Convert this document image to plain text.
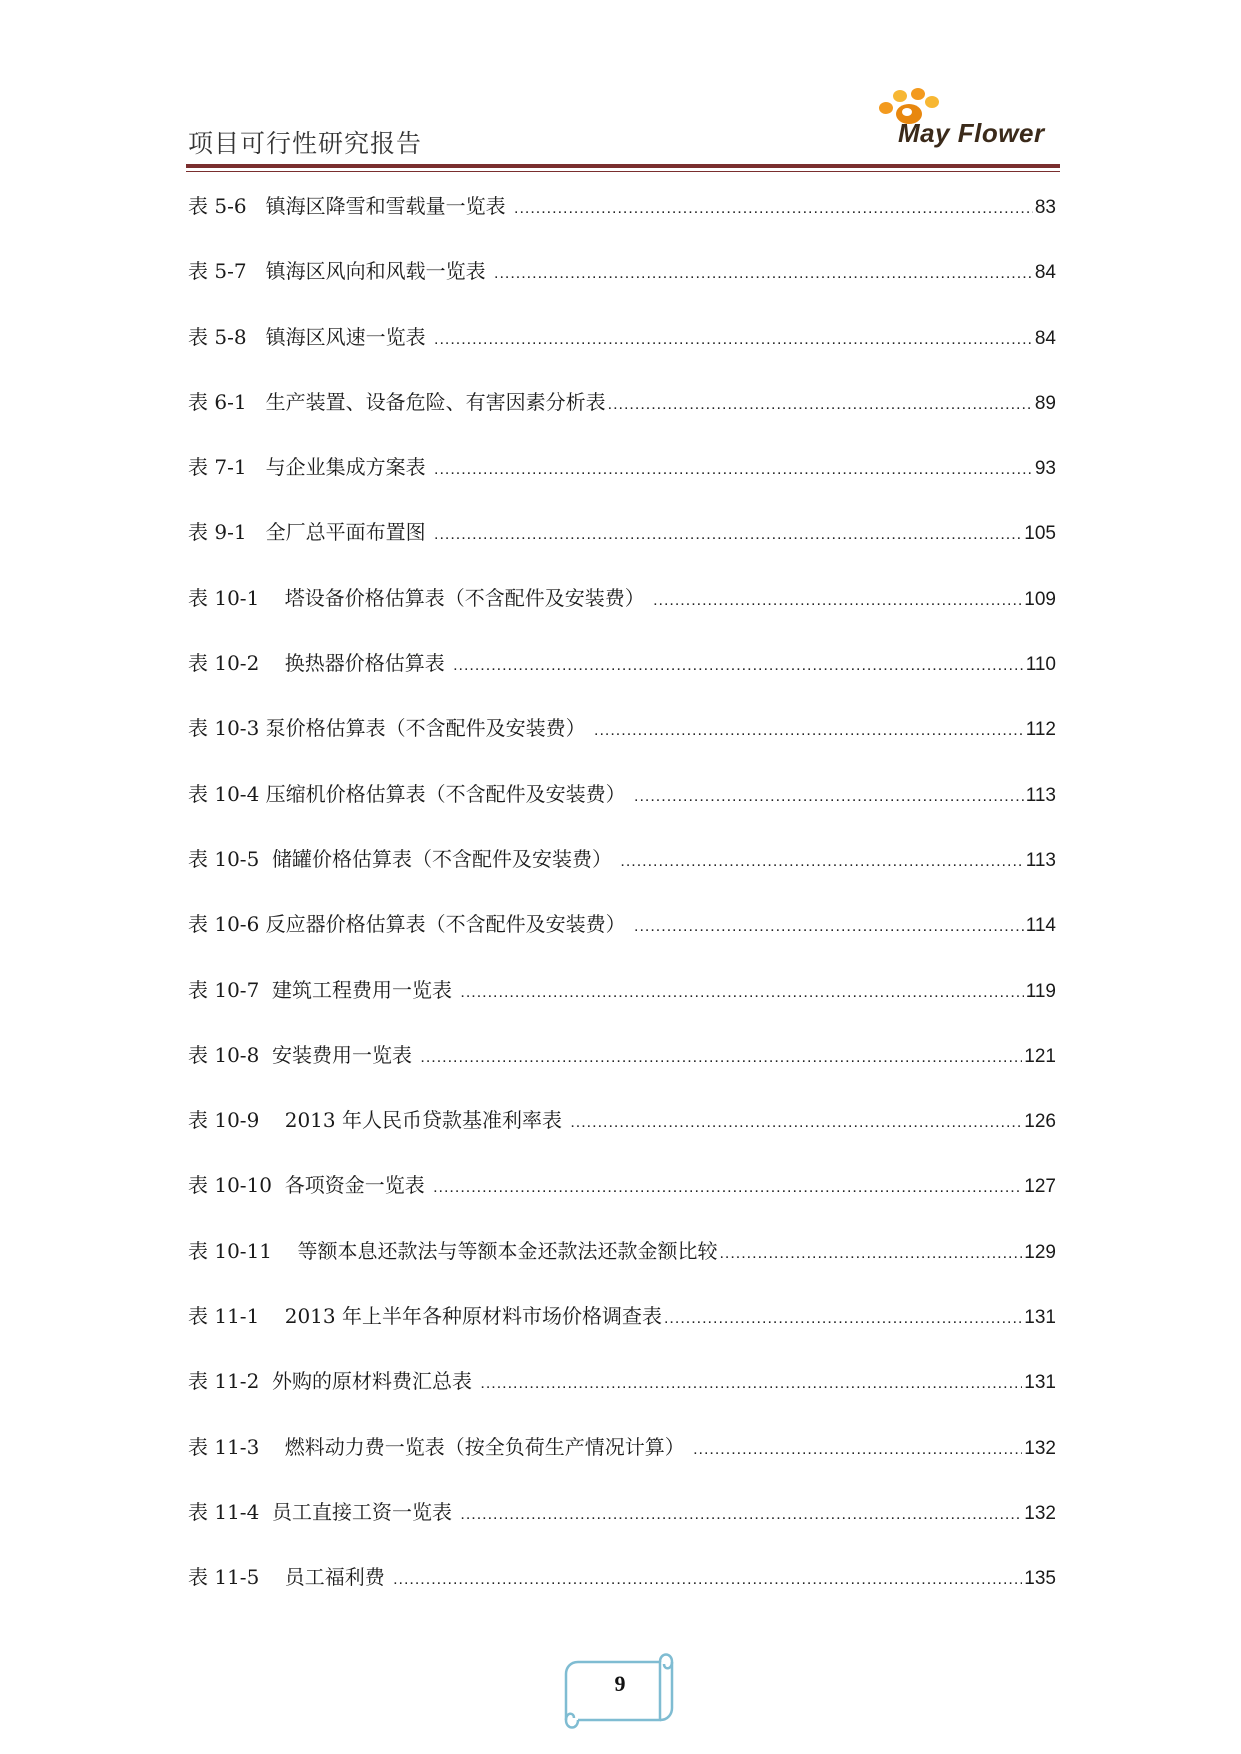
项目可行性研究报告	May Flower
表 5-6   镇海区降雪和雪载量一览表 .....	83
表 5-7   镇海区风向和风载一览表 .....	84
表 5-8   镇海区风速一览表 .....	84
表 6-1   生产装置、设备危险、有害因素分析表 .....	89
表 7-1   与企业集成方案表 .....	93
表 9-1   全厂总平面布置图 .....	105
表 10-1    塔设备价格估算表（不含配件及安装费） .....	109
表 10-2    换热器价格估算表 .....	110
表 10-3 泵价格估算表（不含配件及安装费） .....	112
表 10-4 压缩机价格估算表（不含配件及安装费） .....	113
表 10-5  储罐价格估算表（不含配件及安装费） .....	113
表 10-6 反应器价格估算表（不含配件及安装费） .....	114
表 10-7  建筑工程费用一览表 .....	119
表 10-8  安装费用一览表 .....	121
表 10-9    2013 年人民币贷款基准利率表 .....	126
表 10-10  各项资金一览表 .....	127
表 10-11    等额本息还款法与等额本金还款法还款金额比较 .....	129
表 11-1    2013 年上半年各种原材料市场价格调查表 .....	131
表 11-2  外购的原材料费汇总表 .....	131
表 11-3    燃料动力费一览表（按全负荷生产情况计算） .....	132
表 11-4  员工直接工资一览表 .....	132
表 11-5    员工福利费 .....	135
9
